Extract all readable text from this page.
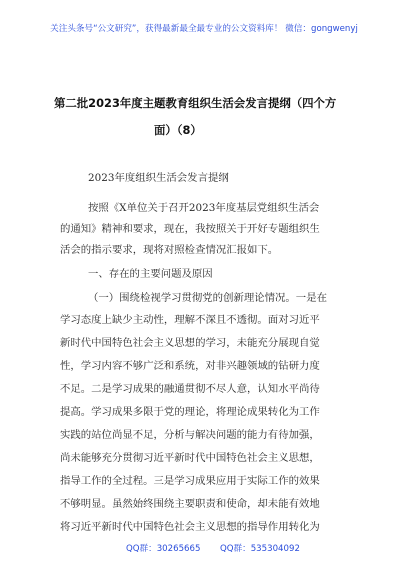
关注头条号“公文研究”，获得最新最全最专业的公文资料库！ 微信：gongwenyj
第二批2023年度主题教育组织生活会发言提纲（四个方
面）（8）
2023年度组织生活会发言提纲
按照《X单位关于召开2023年度基层党组织生活会
的通知》精神和要求，现在，我按照关于开好专题组织生
活会的指示要求，现将对照检查情况汇报如下。
一、存在的主要问题及原因
（一）围绕检视学习贯彻党的创新理论情况。一是在
学习态度上缺少主动性，理解不深且不透彻。面对习近平
新时代中国特色社会主义思想的学习，未能充分展现自觉
性，学习内容不够广泛和系统，对非兴趣领域的钻研力度
不足。二是学习成果的融通贯彻不尽人意，认知水平尚待
提高。学习成果多限于党的理论，将理论成果转化为工作
实践的站位尚显不足，分析与解决问题的能力有待加强，
尚未能够充分贯彻习近平新时代中国特色社会主义思想，
指导工作的全过程。三是学习成果应用于实际工作的效果
不够明显。虽然始终围绕主要职责和使命，却未能有效地
将习近平新时代中国特色社会主义思想的指导作用转化为
QQ群：30265665 QQ群：535304092
